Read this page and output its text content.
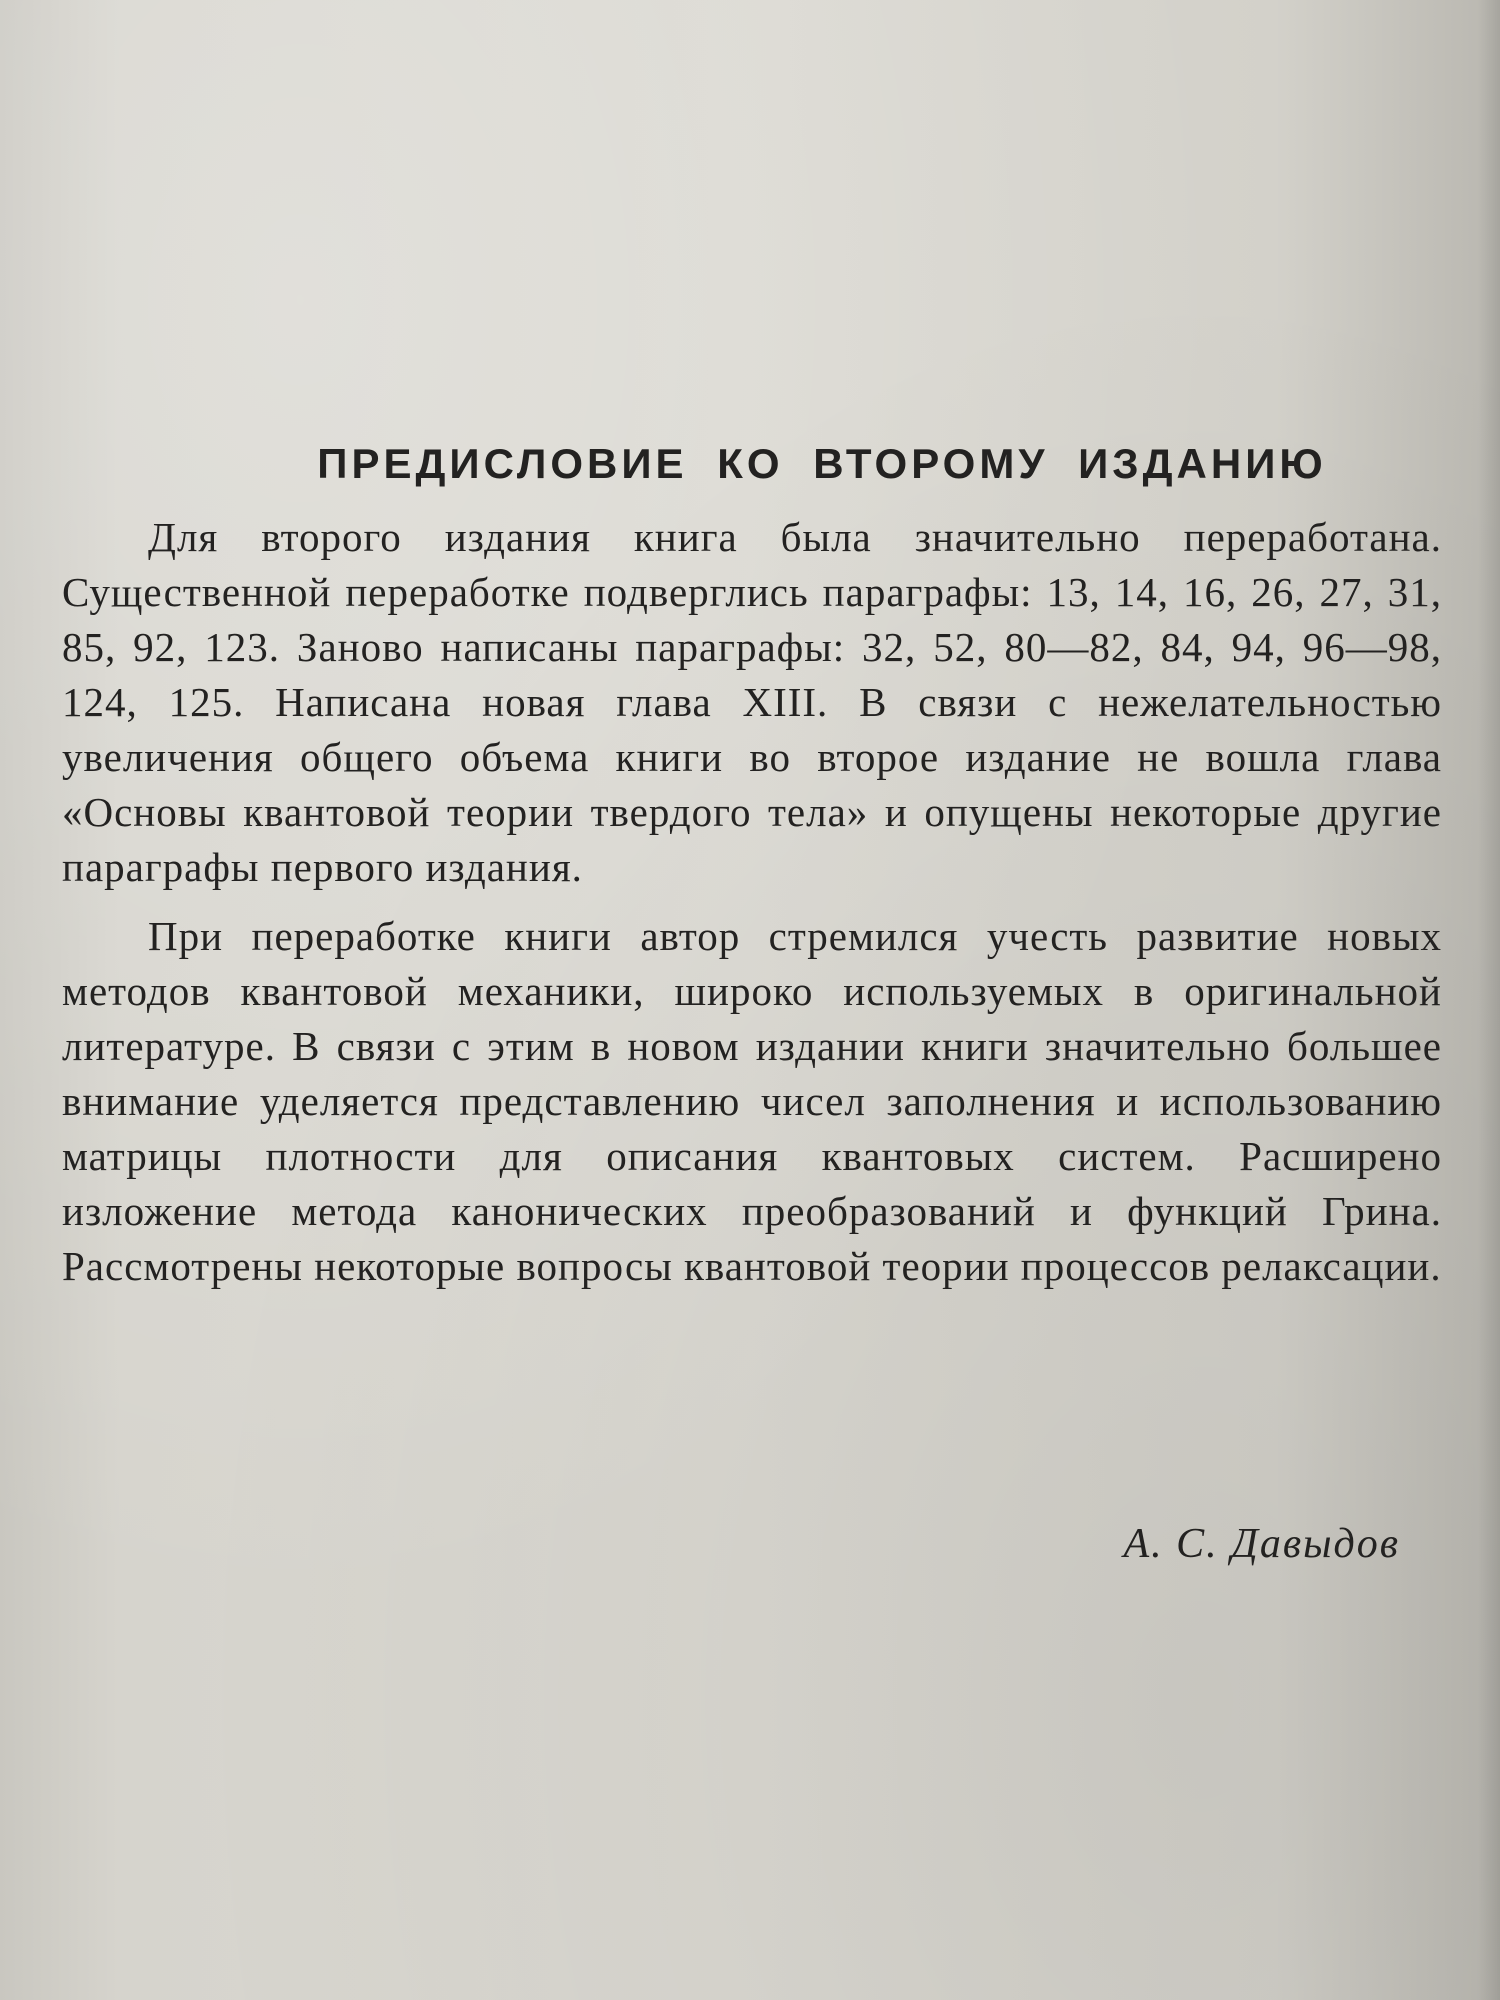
ПРЕДИСЛОВИЕ КО ВТОРОМУ ИЗДАНИЮ

Для второго издания книга была значительно переработана. Существенной переработке подверглись параграфы: 13, 14, 16, 26, 27, 31, 85, 92, 123. Заново написаны параграфы: 32, 52, 80—82, 84, 94, 96—98, 124, 125. Написана новая глава XIII. В связи с нежелательностью увеличения общего объема книги во второе издание не вошла глава «Основы квантовой теории твердого тела» и опущены некоторые другие параграфы первого издания.

При переработке книги автор стремился учесть развитие новых методов квантовой механики, широко используемых в оригинальной литературе. В связи с этим в новом издании книги значительно большее внимание уделяется представлению чисел заполнения и использованию матрицы плотности для описания квантовых систем. Расширено изложение метода канонических преобразований и функций Грина. Рассмотрены некоторые вопросы квантовой теории процессов релаксации.

А. С. Давыдов
